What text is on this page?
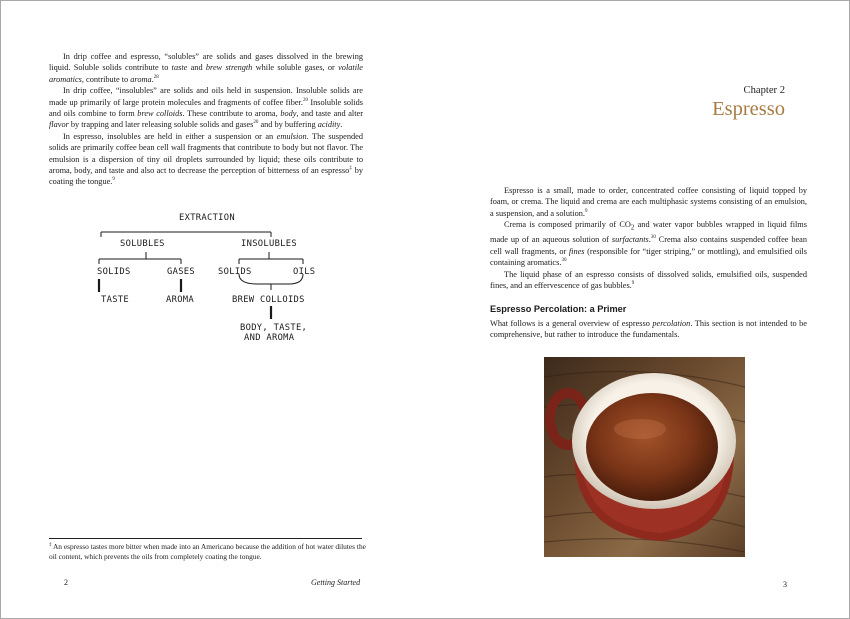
In drip coffee and espresso, “solubles” are solids and gases dissolved in the brewing liquid. Soluble solids contribute to taste and brew strength while soluble gases, or volatile aromatics, contribute to aroma.$^{28}$

In drip coffee, “insolubles” are solids and oils held in suspension. Insoluble solids are made up primarily of large protein molecules and fragments of coffee fiber.$^{20}$ Insoluble solids and oils combine to form brew colloids. These contribute to aroma, body, and taste and alter flavor by trapping and later releasing soluble solids and gases$^{20}$ and by buffering acidity.

In espresso, insolubles are held in either a suspension or an emulsion. The suspended solids are primarily coffee bean cell wall fragments that contribute to body but not flavor. The emulsion is a dispersion of tiny oil droplets surrounded by liquid; these oils contribute to aroma, body, and taste and also act to decrease the perception of bitterness of an espresso‡ by coating the tongue.$^9$

EXTRACTION
SOLUBLES	INSOLUBLES
SOLIDS	GASES	SOLIDS	OILS
TASTE	AROMA	BREW COLLOIDS
BODY, TASTE,
AND AROMA
‡ An espresso tastes more bitter when made into an Americano because the addition of hot water dilutes the oil content, which prevents the oils from completely coating the tongue.
2	Getting Started
Chapter 2
Espresso

Espresso is a small, made to order, concentrated coffee consisting of liquid topped by foam, or crema. The liquid and crema are each multiphasic systems consisting of an emulsion, a suspension, and a solution.$^9$

Crema is composed primarily of $CO_2$ and water vapor bubbles wrapped in liquid films made up of an aqueous solution of surfactants.$^{30}$ Crema also contains suspended coffee bean cell wall fragments, or fines (responsible for “tiger striping,” or mottling), and emulsified oils containing aromatics.$^{30}$

The liquid phase of an espresso consists of dissolved solids, emulsified oils, suspended fines, and an effervescence of gas bubbles.$^9$

Espresso Percolation: a Primer
What follows is a general overview of espresso percolation. This section is not intended to be comprehensive, but rather to introduce the fundamentals.
3
